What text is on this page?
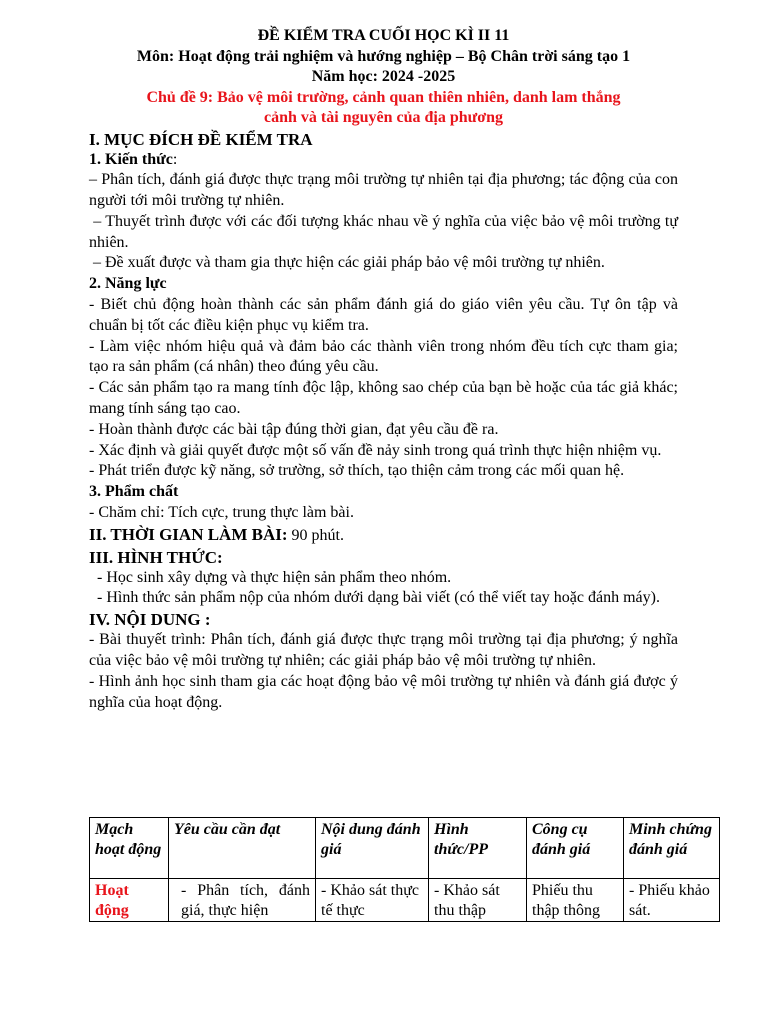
ĐỀ KIỂM TRA CUỐI HỌC KÌ II 11
Môn: Hoạt động trải nghiệm và hướng nghiệp – Bộ Chân trời sáng tạo 1
Năm học: 2024 -2025
Chủ đề 9: Bảo vệ môi trường, cảnh quan thiên nhiên, danh lam thắng
cảnh và tài nguyên của địa phương
I. MỤC ĐÍCH ĐỀ KIỂM TRA
1. Kiến thức:

– Phân tích, đánh giá được thực trạng môi trường tự nhiên tại địa phương; tác động của con người tới môi trường tự nhiên.

– Thuyết trình được với các đối tượng khác nhau về ý nghĩa của việc bảo vệ môi trường tự nhiên.

– Đề xuất được và tham gia thực hiện các giải pháp bảo vệ môi trường tự nhiên.

2. Năng lực

- Biết chủ động hoàn thành các sản phẩm đánh giá do giáo viên yêu cầu. Tự ôn tập và chuẩn bị tốt các điều kiện phục vụ kiểm tra.

- Làm việc nhóm hiệu quả và đảm bảo các thành viên trong nhóm đều tích cực tham gia; tạo ra sản phẩm (cá nhân) theo đúng yêu cầu.

- Các sản phẩm tạo ra mang tính độc lập, không sao chép của bạn bè hoặc của tác giả khác; mang tính sáng tạo cao.

- Hoàn thành được các bài tập đúng thời gian, đạt yêu cầu đề ra.

- Xác định và giải quyết được một số vấn đề nảy sinh trong quá trình thực hiện nhiệm vụ.

- Phát triển được kỹ năng, sở trường, sở thích, tạo thiện cảm trong các mối quan hệ.

3. Phẩm chất

- Chăm chỉ: Tích cực, trung thực làm bài.

II. THỜI GIAN LÀM BÀI: 90 phút.
III. HÌNH THỨC:

- Học sinh xây dựng và thực hiện sản phẩm theo nhóm.

- Hình thức sản phẩm nộp của nhóm dưới dạng bài viết (có thể viết tay hoặc đánh máy).

IV. NỘI DUNG :

- Bài thuyết trình: Phân tích, đánh giá được thực trạng môi trường tại địa phương; ý nghĩa của việc bảo vệ môi trường tự nhiên; các giải pháp bảo vệ môi trường tự nhiên.

- Hình ảnh học sinh tham gia các hoạt động bảo vệ môi trường tự nhiên và đánh giá được ý nghĩa của hoạt động.

Mạch hoạt động	Yêu cầu cần đạt	Nội dung đánh giá	Hình thức/PP	Công cụ đánh giá	Minh chứng đánh giá
Hoạt động	- Phân tích, đánh giá, thực hiện	- Khảo sát thực tế thực	- Khảo sát thu thập	Phiếu thu thập thông	- Phiếu khảo sát.
